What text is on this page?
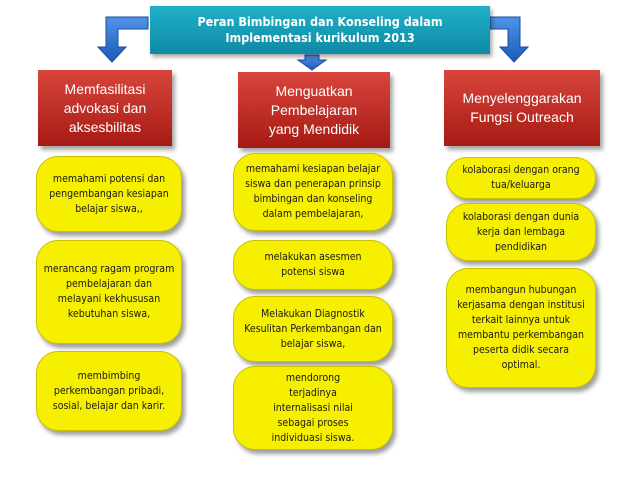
Peran Bimbingan dan Konseling dalam Implementasi kurikulum 2013
Memfasilitasi advokasi dan aksesbilitas
Menguatkan Pembelajaran yang Mendidik
Menyelenggarakan Fungsi Outreach
memahami potensi dan pengembangan kesiapan belajar siswa,,
merancang ragam program pembelajaran dan melayani kekhususan kebutuhan siswa,
membimbing perkembangan pribadi, sosial, belajar dan karir.
memahami kesiapan belajar siswa dan penerapan prinsip bimbingan dan konseling dalam pembelajaran,
melakukan asesmen potensi siswa
Melakukan Diagnostik Kesulitan Perkembangan dan belajar siswa,
mendorong terjadinya internalisasi nilai sebagai proses individuasi siswa.
kolaborasi dengan orang tua/keluarga
kolaborasi dengan dunia kerja dan lembaga pendidikan
membangun hubungan kerjasama dengan institusi terkait lainnya untuk membantu perkembangan peserta didik secara optimal.
